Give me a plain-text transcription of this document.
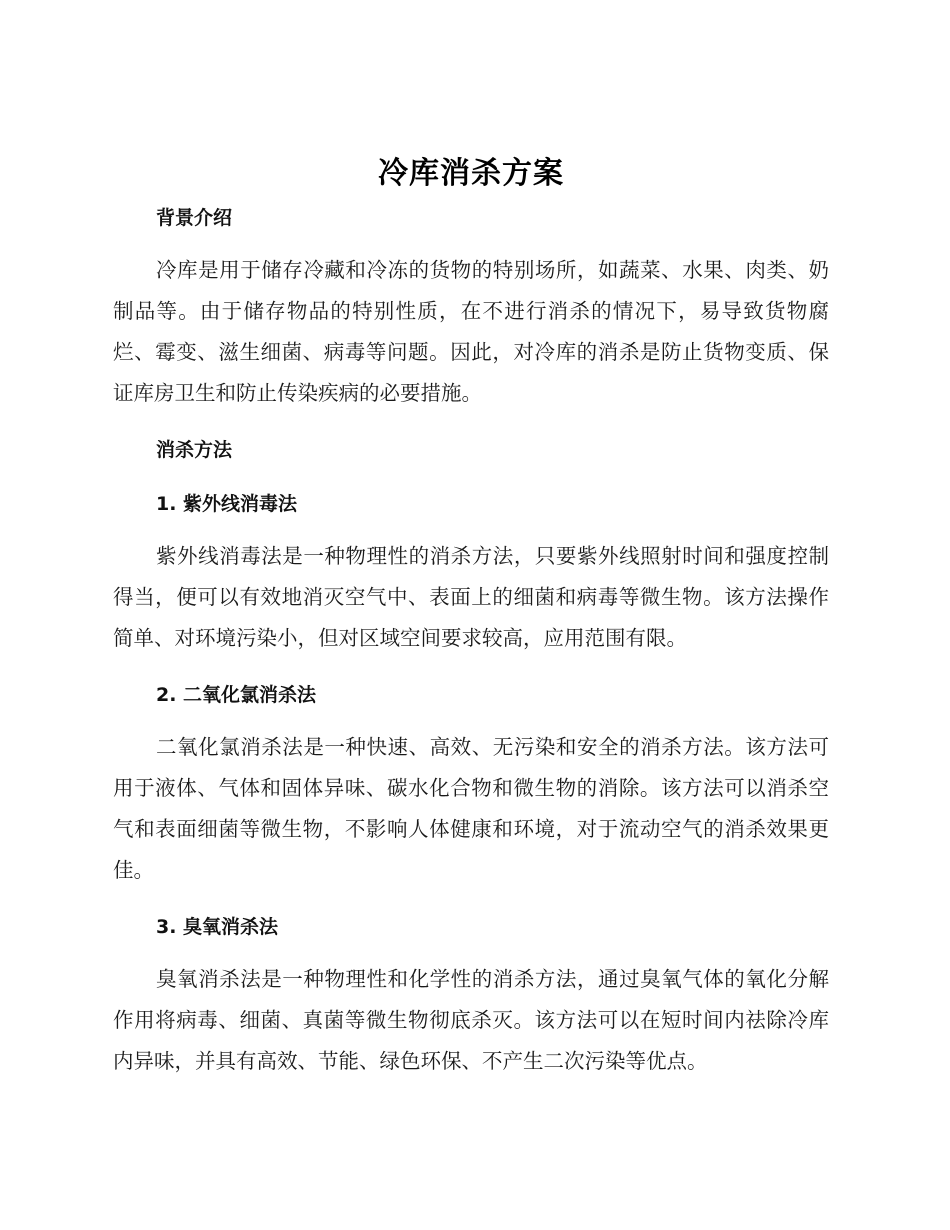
冷库消杀方案
背景介绍

冷库是用于储存冷藏和冷冻的货物的特别场所，如蔬菜、水果、肉类、奶制品等。由于储存物品的特别性质，在不进行消杀的情况下，易导致货物腐烂、霉变、滋生细菌、病毒等问题。因此，对冷库的消杀是防止货物变质、保证库房卫生和防止传染疾病的必要措施。

消杀方法
1. 紫外线消毒法

紫外线消毒法是一种物理性的消杀方法，只要紫外线照射时间和强度控制得当，便可以有效地消灭空气中、表面上的细菌和病毒等微生物。该方法操作简单、对环境污染小，但对区域空间要求较高，应用范围有限。

2. 二氧化氯消杀法

二氧化氯消杀法是一种快速、高效、无污染和安全的消杀方法。该方法可用于液体、气体和固体异味、碳水化合物和微生物的消除。该方法可以消杀空气和表面细菌等微生物，不影响人体健康和环境，对于流动空气的消杀效果更佳。

3. 臭氧消杀法

臭氧消杀法是一种物理性和化学性的消杀方法，通过臭氧气体的氧化分解作用将病毒、细菌、真菌等微生物彻底杀灭。该方法可以在短时间内祛除冷库内异味，并具有高效、节能、绿色环保、不产生二次污染等优点。
